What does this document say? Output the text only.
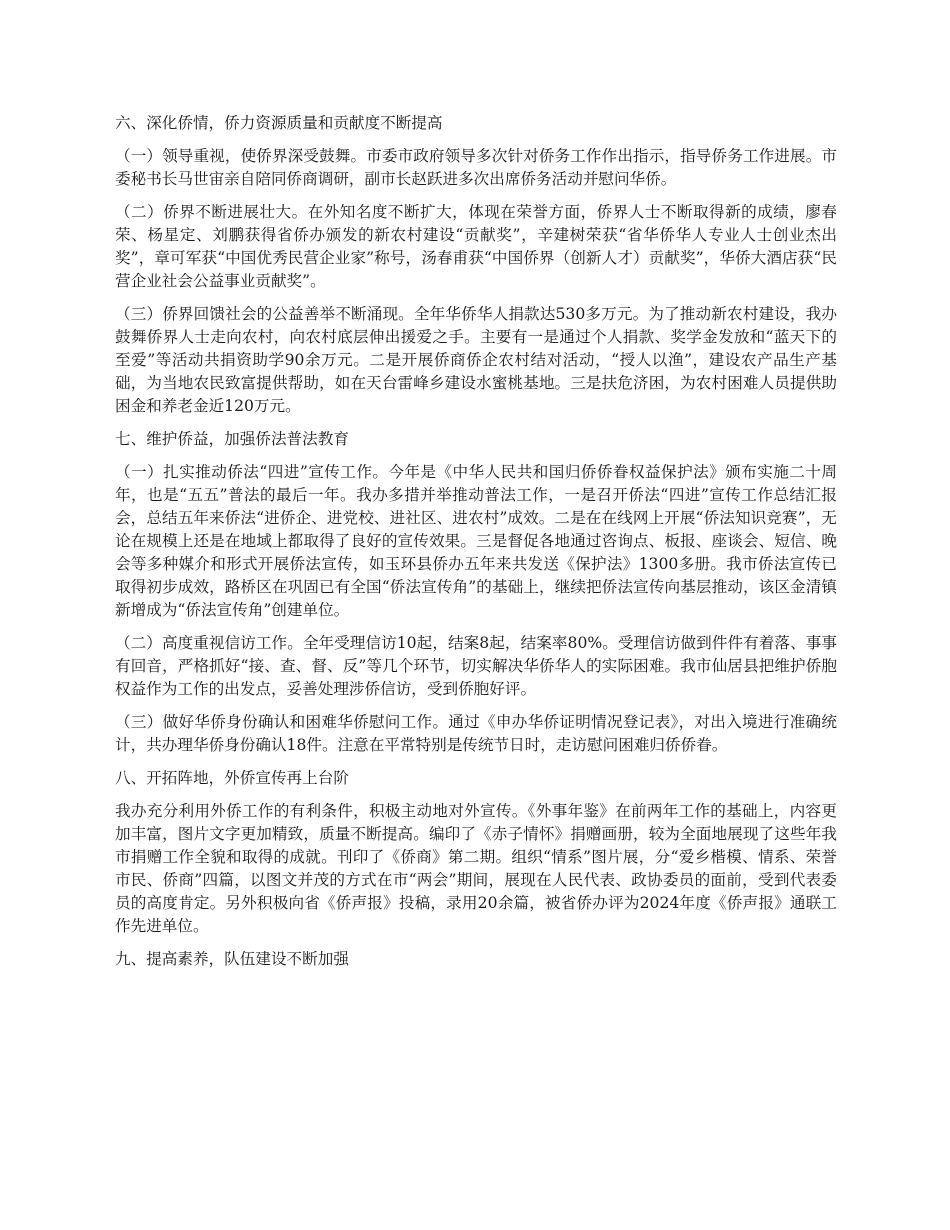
六、深化侨情，侨力资源质量和贡献度不断提高
（一）领导重视，使侨界深受鼓舞。市委市政府领导多次针对侨务工作作出指示，指导侨务工作进展。市委秘书长马世宙亲自陪同侨商调研，副市长赵跃进多次出席侨务活动并慰问华侨。
（二）侨界不断进展壮大。在外知名度不断扩大，体现在荣誉方面，侨界人士不断取得新的成绩，廖春荣、杨星定、刘鹏获得省侨办颁发的新农村建设“贡献奖”，辛建树荣获“省华侨华人专业人士创业杰出奖”，章可军获“中国优秀民营企业家”称号，汤春甫获“中国侨界（创新人才）贡献奖”，华侨大酒店获“民营企业社会公益事业贡献奖”。
（三）侨界回馈社会的公益善举不断涌现。全年华侨华人捐款达530多万元。为了推动新农村建设，我办鼓舞侨界人士走向农村，向农村底层伸出援爱之手。主要有一是通过个人捐款、奖学金发放和“蓝天下的至爱”等活动共捐资助学90余万元。二是开展侨商侨企农村结对活动，“授人以渔”，建设农产品生产基础，为当地农民致富提供帮助，如在天台雷峰乡建设水蜜桃基地。三是扶危济困，为农村困难人员提供助困金和养老金近120万元。
七、维护侨益，加强侨法普法教育
（一）扎实推动侨法“四进”宣传工作。今年是《中华人民共和国归侨侨眷权益保护法》颁布实施二十周年，也是“五五”普法的最后一年。我办多措并举推动普法工作，一是召开侨法“四进”宣传工作总结汇报会，总结五年来侨法“进侨企、进党校、进社区、进农村”成效。二是在在线网上开展“侨法知识竞赛”，无论在规模上还是在地域上都取得了良好的宣传效果。三是督促各地通过咨询点、板报、座谈会、短信、晚会等多种媒介和形式开展侨法宣传，如玉环县侨办五年来共发送《保护法》1300多册。我市侨法宣传已取得初步成效，路桥区在巩固已有全国“侨法宣传角”的基础上，继续把侨法宣传向基层推动，该区金清镇新增成为“侨法宣传角”创建单位。
（二）高度重视信访工作。全年受理信访10起，结案8起，结案率80%。受理信访做到件件有着落、事事有回音，严格抓好“接、查、督、反”等几个环节，切实解决华侨华人的实际困难。我市仙居县把维护侨胞权益作为工作的出发点，妥善处理涉侨信访，受到侨胞好评。
（三）做好华侨身份确认和困难华侨慰问工作。通过《申办华侨证明情况登记表》，对出入境进行准确统计，共办理华侨身份确认18件。注意在平常特别是传统节日时，走访慰问困难归侨侨眷。
八、开拓阵地，外侨宣传再上台阶
我办充分利用外侨工作的有利条件，积极主动地对外宣传。《外事年鉴》在前两年工作的基础上，内容更加丰富，图片文字更加精致，质量不断提高。编印了《赤子情怀》捐赠画册，较为全面地展现了这些年我市捐赠工作全貌和取得的成就。刊印了《侨商》第二期。组织“情系”图片展，分“爱乡楷模、情系、荣誉市民、侨商”四篇，以图文并茂的方式在市“两会”期间，展现在人民代表、政协委员的面前，受到代表委员的高度肯定。另外积极向省《侨声报》投稿，录用20余篇，被省侨办评为2024年度《侨声报》通联工作先进单位。
九、提高素养，队伍建设不断加强
